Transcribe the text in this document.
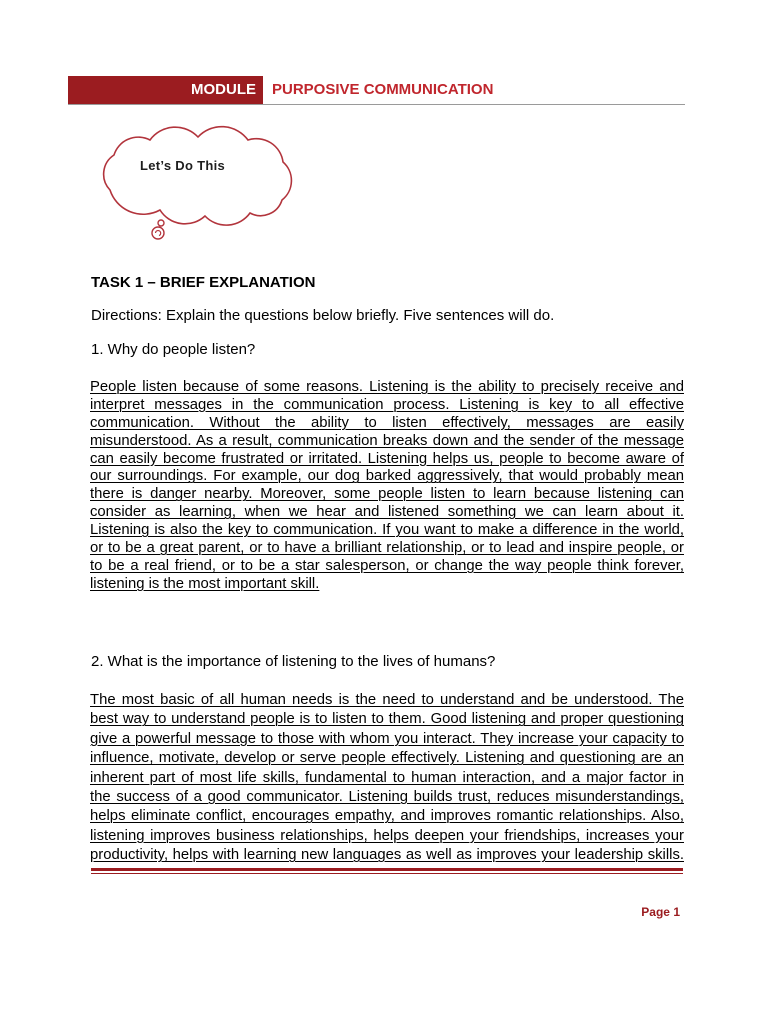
MODULE PURPOSIVE COMMUNICATION
Let’s Do This
TASK 1 – BRIEF EXPLANATION
Directions: Explain the questions below briefly. Five sentences will do.
1. Why do people listen?
People listen because of some reasons. Listening is the ability to precisely receive and
interpret messages in the communication process. Listening is key to all effective
communication. Without the ability to listen effectively, messages are easily
misunderstood. As a result, communication breaks down and the sender of the message
can easily become frustrated or irritated. Listening helps us, people to become aware of
our surroundings. For example, our dog barked aggressively, that would probably mean
there is danger nearby. Moreover, some people listen to learn because listening can
consider as learning, when we hear and listened something we can learn about it.
Listening is also the key to communication. If you want to make a difference in the world,
or to be a great parent, or to have a brilliant relationship, or to lead and inspire people, or
to be a real friend, or to be a star salesperson, or change the way people think forever,
listening is the most important skill.
2. What is the importance of listening to the lives of humans?
The most basic of all human needs is the need to understand and be understood. The
best way to understand people is to listen to them. Good listening and proper questioning
give a powerful message to those with whom you interact. They increase your capacity to
influence, motivate, develop or serve people effectively. Listening and questioning are an
inherent part of most life skills, fundamental to human interaction, and a major factor in
the success of a good communicator. Listening builds trust, reduces misunderstandings,
helps eliminate conflict, encourages empathy, and improves romantic relationships. Also,
listening improves business relationships, helps deepen your friendships, increases your
productivity, helps with learning new languages as well as improves your leadership skills.
Page 1
